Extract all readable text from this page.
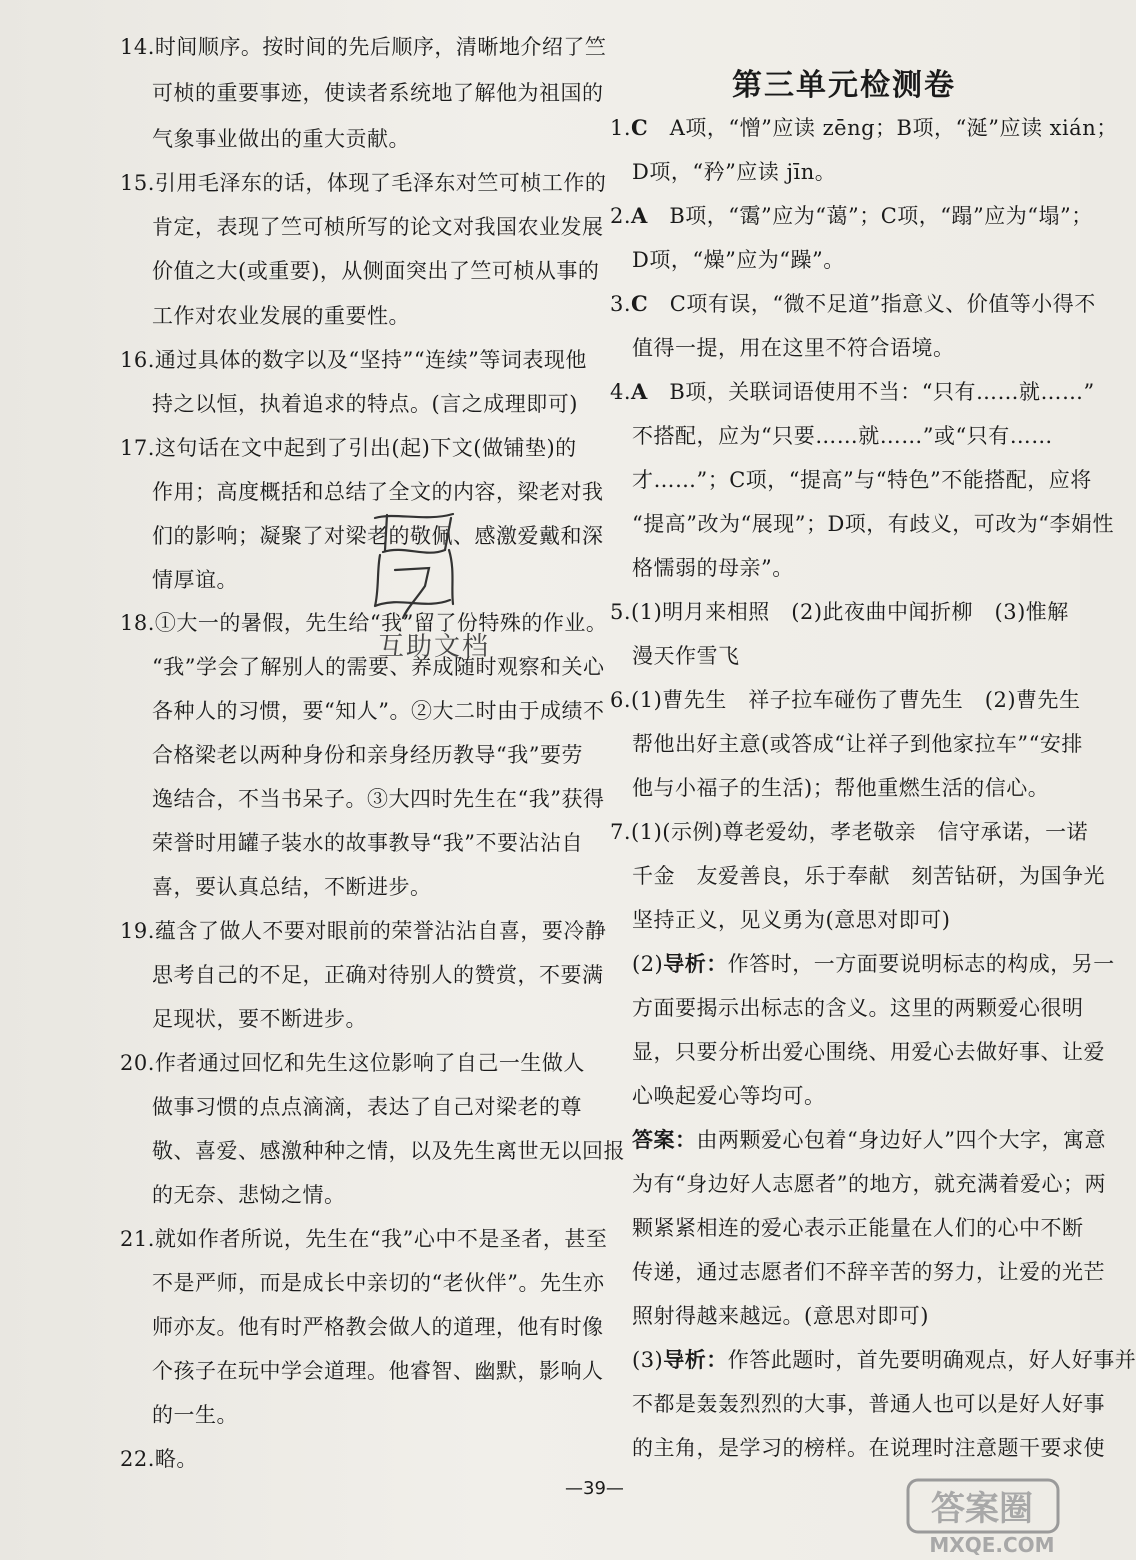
14.时间顺序。按时间的先后顺序，清晰地介绍了竺
可桢的重要事迹，使读者系统地了解他为祖国的
气象事业做出的重大贡献。
15.引用毛泽东的话，体现了毛泽东对竺可桢工作的
肯定，表现了竺可桢所写的论文对我国农业发展
价值之大(或重要)，从侧面突出了竺可桢从事的
工作对农业发展的重要性。
16.通过具体的数字以及“坚持”“连续”等词表现他
持之以恒，执着追求的特点。(言之成理即可)
17.这句话在文中起到了引出(起)下文(做铺垫)的
作用；高度概括和总结了全文的内容，梁老对我
们的影响；凝聚了对梁老的敬佩、感激爱戴和深
情厚谊。
18.①大一的暑假，先生给“我”留了份特殊的作业。
“我”学会了解别人的需要、养成随时观察和关心
各种人的习惯，要“知人”。②大二时由于成绩不
合格梁老以两种身份和亲身经历教导“我”要劳
逸结合，不当书呆子。③大四时先生在“我”获得
荣誉时用罐子装水的故事教导“我”不要沾沾自
喜，要认真总结，不断进步。
19.蕴含了做人不要对眼前的荣誉沾沾自喜，要冷静
思考自己的不足，正确对待别人的赞赏，不要满
足现状，要不断进步。
20.作者通过回忆和先生这位影响了自己一生做人
做事习惯的点点滴滴，表达了自己对梁老的尊
敬、喜爱、感激种种之情，以及先生离世无以回报
的无奈、悲恸之情。
21.就如作者所说，先生在“我”心中不是圣者，甚至
不是严师，而是成长中亲切的“老伙伴”。先生亦
师亦友。他有时严格教会做人的道理，他有时像
个孩子在玩中学会道理。他睿智、幽默，影响人
的一生。
22.略。
1.C　A项，“憎”应读 zēng；B项，“涎”应读 xián；
D项，“矜”应读 jīn。
2.A　B项，“霭”应为“蔼”；C项，“蹋”应为“塌”；
D项，“燥”应为“躁”。
3.C　C项有误，“微不足道”指意义、价值等小得不
值得一提，用在这里不符合语境。
4.A　B项，关联词语使用不当：“只有……就……”
不搭配，应为“只要……就……”或“只有……
才……”；C项，“提高”与“特色”不能搭配，应将
“提高”改为“展现”；D项，有歧义，可改为“李娟性
格懦弱的母亲”。
5.(1)明月来相照　(2)此夜曲中闻折柳　(3)惟解
漫天作雪飞
6.(1)曹先生　祥子拉车碰伤了曹先生　(2)曹先生
帮他出好主意(或答成“让祥子到他家拉车”“安排
他与小福子的生活)；帮他重燃生活的信心。
7.(1)(示例)尊老爱幼，孝老敬亲　信守承诺，一诺
千金　友爱善良，乐于奉献　刻苦钻研，为国争光
坚持正义，见义勇为(意思对即可)
(2)导析：作答时，一方面要说明标志的构成，另一
方面要揭示出标志的含义。这里的两颗爱心很明
显，只要分析出爱心围绕、用爱心去做好事、让爱
心唤起爱心等均可。
答案：由两颗爱心包着“身边好人”四个大字，寓意
为有“身边好人志愿者”的地方，就充满着爱心；两
颗紧紧相连的爱心表示正能量在人们的心中不断
传递，通过志愿者们不辞辛苦的努力，让爱的光芒
照射得越来越远。(意思对即可)
(3)导析：作答此题时，首先要明确观点，好人好事并
不都是轰轰烈烈的大事，普通人也可以是好人好事
的主角，是学习的榜样。在说理时注意题干要求使
第三单元检测卷
互助文档
—39—
答案圈
MXQE.COM
